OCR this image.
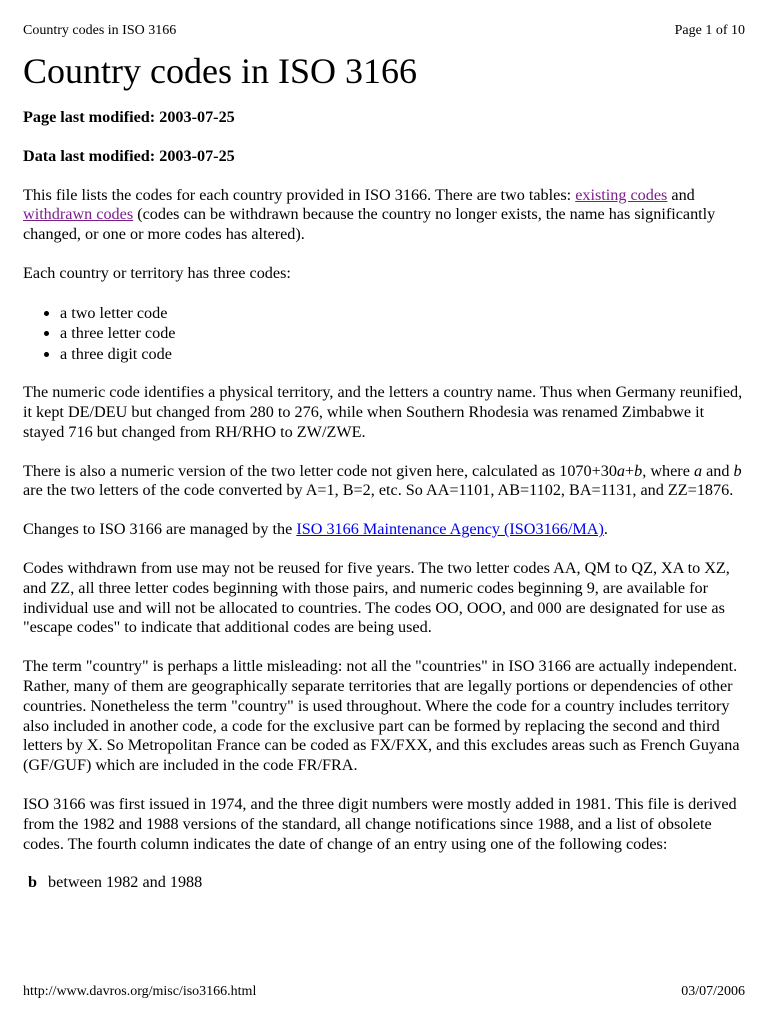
Country codes in ISO 3166	Page 1 of 10
Country codes in ISO 3166

Page last modified: 2003-07-25

Data last modified: 2003-07-25

This file lists the codes for each country provided in ISO 3166. There are two tables: existing codes and withdrawn codes (codes can be withdrawn because the country no longer exists, the name has significantly changed, or one or more codes has altered).

Each country or territory has three codes:

• a two letter code
• a three letter code
• a three digit code

The numeric code identifies a physical territory, and the letters a country name. Thus when Germany reunified, it kept DE/DEU but changed from 280 to 276, while when Southern Rhodesia was renamed Zimbabwe it stayed 716 but changed from RH/RHO to ZW/ZWE.

There is also a numeric version of the two letter code not given here, calculated as 1070+30a+b, where a and b are the two letters of the code converted by A=1, B=2, etc. So AA=1101, AB=1102, BA=1131, and ZZ=1876.

Changes to ISO 3166 are managed by the ISO 3166 Maintenance Agency (ISO3166/MA).

Codes withdrawn from use may not be reused for five years. The two letter codes AA, QM to QZ, XA to XZ, and ZZ, all three letter codes beginning with those pairs, and numeric codes beginning 9, are available for individual use and will not be allocated to countries. The codes OO, OOO, and 000 are designated for use as "escape codes" to indicate that additional codes are being used.

The term "country" is perhaps a little misleading: not all the "countries" in ISO 3166 are actually independent. Rather, many of them are geographically separate territories that are legally portions or dependencies of other countries. Nonetheless the term "country" is used throughout. Where the code for a country includes territory also included in another code, a code for the exclusive part can be formed by replacing the second and third letters by X. So Metropolitan France can be coded as FX/FXX, and this excludes areas such as French Guyana (GF/GUF) which are included in the code FR/FRA.

ISO 3166 was first issued in 1974, and the three digit numbers were mostly added in 1981. This file is derived from the 1982 and 1988 versions of the standard, all change notifications since 1988, and a list of obsolete codes. The fourth column indicates the date of change of an entry using one of the following codes:

b between 1982 and 1988
http://www.davros.org/misc/iso3166.html	03/07/2006
